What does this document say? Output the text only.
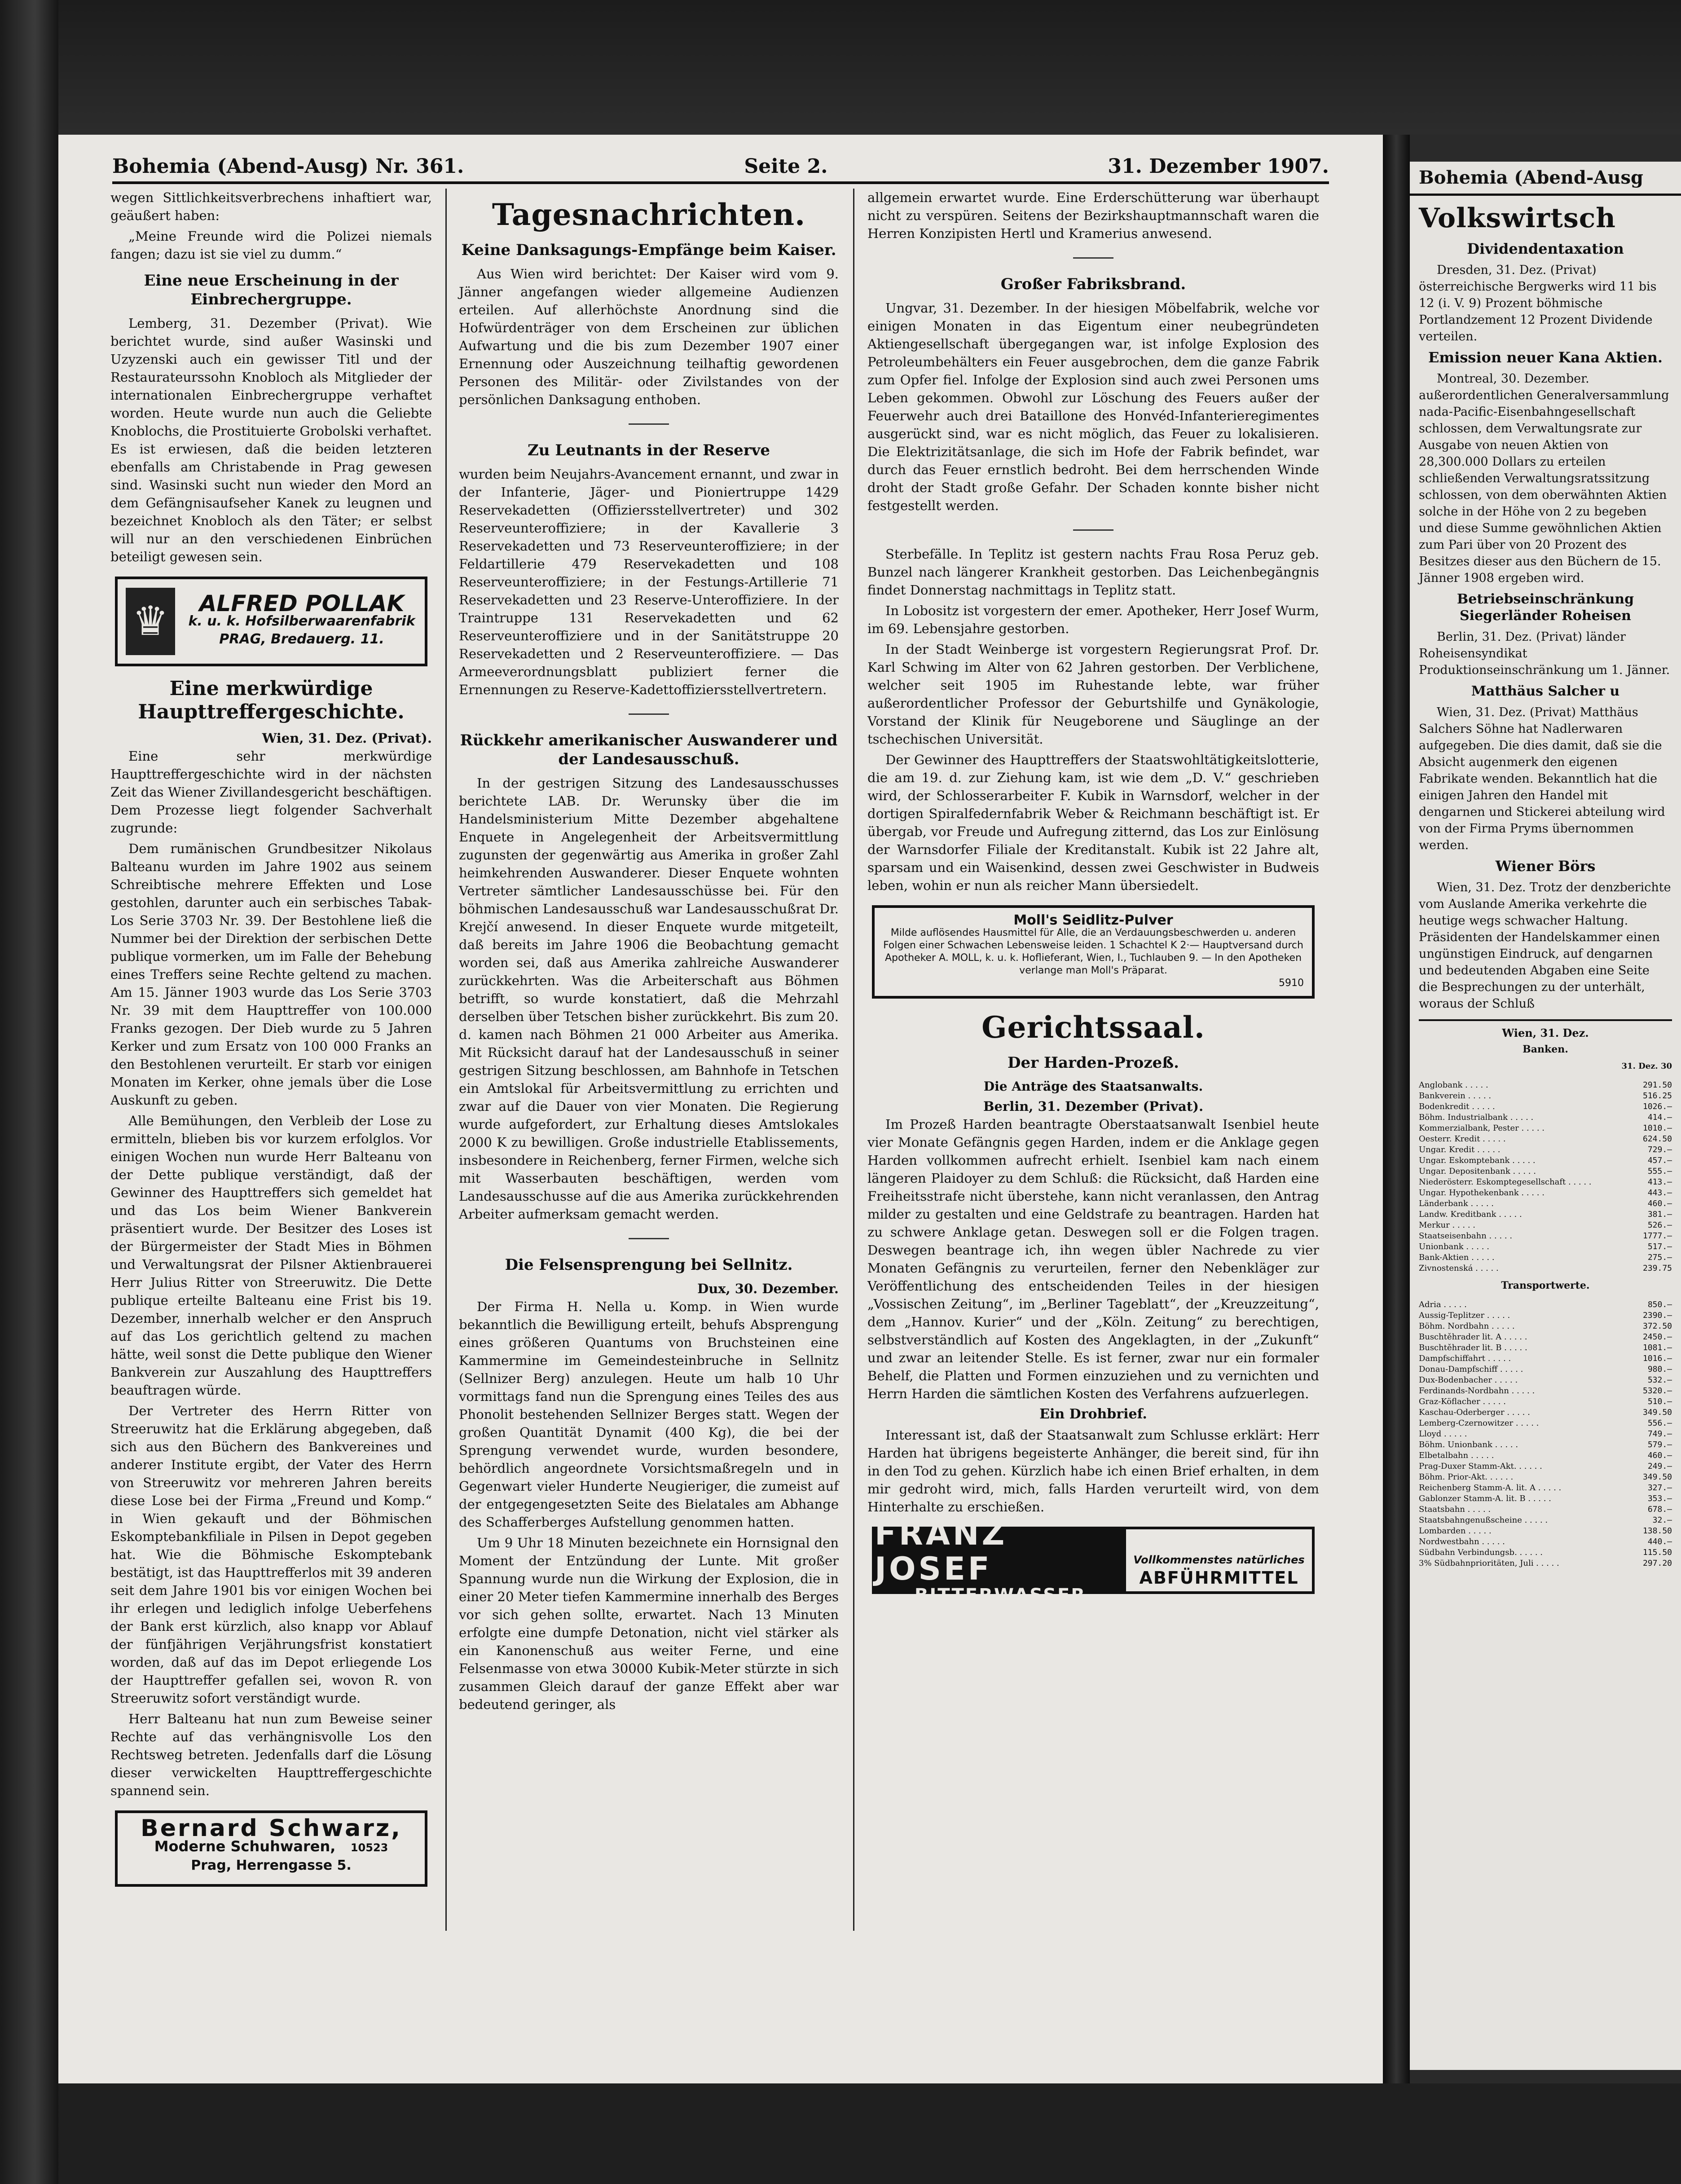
Bohemia (Abend-Ausg) Nr. 361.	Seite 2.	31. Dezember 1907.

wegen Sittlichkeitsverbrechens inhaftiert war, geäußert haben:

„Meine Freunde wird die Polizei niemals fangen; dazu ist sie viel zu dumm.“

Eine neue Erscheinung in der Einbrechergruppe.

Lemberg, 31. Dezember (Privat). Wie berichtet wurde, sind außer Wasinski und Uzyzenski auch ein gewisser Titl und der Restaurateurssohn Knobloch als Mitglieder der internationalen Einbrechergruppe verhaftet worden. Heute wurde nun auch die Geliebte Knoblochs, die Prostituierte Grobolski verhaftet. Es ist erwiesen, daß die beiden letzteren ebenfalls am Christabende in Prag gewesen sind. Wasinski sucht nun wieder den Mord an dem Gefängnisaufseher Kanek zu leugnen und bezeichnet Knobloch als den Täter; er selbst will nur an den verschiedenen Einbrüchen beteiligt gewesen sein.

♛	ALFRED POLLAK
k. u. k. Hofsilberwaarenfabrik
PRAG, Bredauerg. 11.
Eine merkwürdige Haupttreffergeschichte.
Wien, 31. Dez. (Privat).

Eine sehr merkwürdige Haupttreffergeschichte wird in der nächsten Zeit das Wiener Zivillandesgericht beschäftigen. Dem Prozesse liegt folgender Sachverhalt zugrunde:

Dem rumänischen Grundbesitzer Nikolaus Balteanu wurden im Jahre 1902 aus seinem Schreibtische mehrere Effekten und Lose gestohlen, darunter auch ein serbisches Tabak-Los Serie 3703 Nr. 39. Der Bestohlene ließ die Nummer bei der Direktion der serbischen Dette publique vormerken, um im Falle der Behebung eines Treffers seine Rechte geltend zu machen. Am 15. Jänner 1903 wurde das Los Serie 3703 Nr. 39 mit dem Haupttreffer von 100.000 Franks gezogen. Der Dieb wurde zu 5 Jahren Kerker und zum Ersatz von 100 000 Franks an den Bestohlenen verurteilt. Er starb vor einigen Monaten im Kerker, ohne jemals über die Lose Auskunft zu geben.

Alle Bemühungen, den Verbleib der Lose zu ermitteln, blieben bis vor kurzem erfolglos. Vor einigen Wochen nun wurde Herr Balteanu von der Dette publique verständigt, daß der Gewinner des Haupttreffers sich gemeldet hat und das Los beim Wiener Bankverein präsentiert wurde. Der Besitzer des Loses ist der Bürgermeister der Stadt Mies in Böhmen und Verwaltungsrat der Pilsner Aktienbrauerei Herr Julius Ritter von Streeruwitz. Die Dette publique erteilte Balteanu eine Frist bis 19. Dezember, innerhalb welcher er den Anspruch auf das Los gerichtlich geltend zu machen hätte, weil sonst die Dette publique den Wiener Bankverein zur Auszahlung des Haupttreffers beauftragen würde.

Der Vertreter des Herrn Ritter von Streeruwitz hat die Erklärung abgegeben, daß sich aus den Büchern des Bankvereines und anderer Institute ergibt, der Vater des Herrn von Streeruwitz vor mehreren Jahren bereits diese Lose bei der Firma „Freund und Komp.“ in Wien gekauft und der Böhmischen Eskomptebankfiliale in Pilsen in Depot gegeben hat. Wie die Böhmische Eskomptebank bestätigt, ist das Haupttrefferlos mit 39 anderen seit dem Jahre 1901 bis vor einigen Wochen bei ihr erlegen und lediglich infolge Ueberfehens der Bank erst kürzlich, also knapp vor Ablauf der fünfjährigen Verjährungsfrist konstatiert worden, daß auf das im Depot erliegende Los der Haupttreffer gefallen sei, wovon R. von Streeruwitz sofort verständigt wurde.

Herr Balteanu hat nun zum Beweise seiner Rechte auf das verhängnisvolle Los den Rechtsweg betreten. Jedenfalls darf die Lösung dieser verwickelten Haupttreffergeschichte spannend sein.

Bernard Schwarz,
Moderne Schuhwaren, 10523
Prag, Herrengasse 5.
Tagesnachrichten.
Keine Danksagungs-Empfänge beim Kaiser.

Aus Wien wird berichtet: Der Kaiser wird vom 9. Jänner angefangen wieder allgemeine Audienzen erteilen. Auf allerhöchste Anordnung sind die Hofwürdenträger von dem Erscheinen zur üblichen Aufwartung und die bis zum Dezember 1907 einer Ernennung oder Auszeichnung teilhaftig gewordenen Personen des Militär- oder Zivilstandes von der persönlichen Danksagung enthoben.

Zu Leutnants in der Reserve

wurden beim Neujahrs-Avancement ernannt, und zwar in der Infanterie, Jäger- und Pioniertruppe 1429 Reservekadetten (Offiziersstellvertreter) und 302 Reserveunteroffiziere; in der Kavallerie 3 Reservekadetten und 73 Reserveunteroffiziere; in der Feldartillerie 479 Reservekadetten und 108 Reserveunteroffiziere; in der Festungs-Artillerie 71 Reservekadetten und 23 Reserve-Unteroffiziere. In der Traintruppe 131 Reservekadetten und 62 Reserveunteroffiziere und in der Sanitätstruppe 20 Reservekadetten und 2 Reserveunteroffiziere. — Das Armeeverordnungsblatt publiziert ferner die Ernennungen zu Reserve-Kadettoffiziersstellvertretern.

Rückkehr amerikanischer Auswanderer und der Landesausschuß.

In der gestrigen Sitzung des Landesausschusses berichtete LAB. Dr. Werunsky über die im Handelsministerium Mitte Dezember abgehaltene Enquete in Angelegenheit der Arbeitsvermittlung zugunsten der gegenwärtig aus Amerika in großer Zahl heimkehrenden Auswanderer. Dieser Enquete wohnten Vertreter sämtlicher Landesausschüsse bei. Für den böhmischen Landesausschuß war Landesausschußrat Dr. Krejčí anwesend. In dieser Enquete wurde mitgeteilt, daß bereits im Jahre 1906 die Beobachtung gemacht worden sei, daß aus Amerika zahlreiche Auswanderer zurückkehrten. Was die Arbeiterschaft aus Böhmen betrifft, so wurde konstatiert, daß die Mehrzahl derselben über Tetschen bisher zurückkehrt. Bis zum 20. d. kamen nach Böhmen 21 000 Arbeiter aus Amerika. Mit Rücksicht darauf hat der Landesausschuß in seiner gestrigen Sitzung beschlossen, am Bahnhofe in Tetschen ein Amtslokal für Arbeitsvermittlung zu errichten und zwar auf die Dauer von vier Monaten. Die Regierung wurde aufgefordert, zur Erhaltung dieses Amtslokales 2000 K zu bewilligen. Große industrielle Etablissements, insbesondere in Reichenberg, ferner Firmen, welche sich mit Wasserbauten beschäftigen, werden vom Landesausschusse auf die aus Amerika zurückkehrenden Arbeiter aufmerksam gemacht werden.

Die Felsensprengung bei Sellnitz.
Dux, 30. Dezember.

Der Firma H. Nella u. Komp. in Wien wurde bekanntlich die Bewilligung erteilt, behufs Absprengung eines größeren Quantums von Bruchsteinen eine Kammermine im Gemeindesteinbruche in Sellnitz (Sellnizer Berg) anzulegen. Heute um halb 10 Uhr vormittags fand nun die Sprengung eines Teiles des aus Phonolit bestehenden Sellnizer Berges statt. Wegen der großen Quantität Dynamit (400 Kg), die bei der Sprengung verwendet wurde, wurden besondere, behördlich angeordnete Vorsichtsmaßregeln und in Gegenwart vieler Hunderte Neugieriger, die zumeist auf der entgegengesetzten Seite des Bielatales am Abhange des Schafferberges Aufstellung genommen hatten.

Um 9 Uhr 18 Minuten bezeichnete ein Hornsignal den Moment der Entzündung der Lunte. Mit großer Spannung wurde nun die Wirkung der Explosion, die in einer 20 Meter tiefen Kammermine innerhalb des Berges vor sich gehen sollte, erwartet. Nach 13 Minuten erfolgte eine dumpfe Detonation, nicht viel stärker als ein Kanonenschuß aus weiter Ferne, und eine Felsenmasse von etwa 30000 Kubik-Meter stürzte in sich zusammen Gleich darauf der ganze Effekt aber war bedeutend geringer, als

allgemein erwartet wurde. Eine Erderschütterung war überhaupt nicht zu verspüren. Seitens der Bezirkshauptmannschaft waren die Herren Konzipisten Hertl und Kramerius anwesend.

Großer Fabriksbrand.

Ungvar, 31. Dezember. In der hiesigen Möbelfabrik, welche vor einigen Monaten in das Eigentum einer neubegründeten Aktiengesellschaft übergegangen war, ist infolge Explosion des Petroleumbehälters ein Feuer ausgebrochen, dem die ganze Fabrik zum Opfer fiel. Infolge der Explosion sind auch zwei Personen ums Leben gekommen. Obwohl zur Löschung des Feuers außer der Feuerwehr auch drei Bataillone des Honvéd-Infanterieregimentes ausgerückt sind, war es nicht möglich, das Feuer zu lokalisieren. Die Elektrizitätsanlage, die sich im Hofe der Fabrik befindet, war durch das Feuer ernstlich bedroht. Bei dem herrschenden Winde droht der Stadt große Gefahr. Der Schaden konnte bisher nicht festgestellt werden.

Sterbefälle. In Teplitz ist gestern nachts Frau Rosa Peruz geb. Bunzel nach längerer Krankheit gestorben. Das Leichenbegängnis findet Donnerstag nachmittags in Teplitz statt.

In Lobositz ist vorgestern der emer. Apotheker, Herr Josef Wurm, im 69. Lebensjahre gestorben.

In der Stadt Weinberge ist vorgestern Regierungsrat Prof. Dr. Karl Schwing im Alter von 62 Jahren gestorben. Der Verblichene, welcher seit 1905 im Ruhestande lebte, war früher außerordentlicher Professor der Geburtshilfe und Gynäkologie, Vorstand der Klinik für Neugeborene und Säuglinge an der tschechischen Universität.

Der Gewinner des Haupttreffers der Staatswohltätigkeitslotterie, die am 19. d. zur Ziehung kam, ist wie dem „D. V.“ geschrieben wird, der Schlosserarbeiter F. Kubik in Warnsdorf, welcher in der dortigen Spiralfedernfabrik Weber & Reichmann beschäftigt ist. Er übergab, vor Freude und Aufregung zitternd, das Los zur Einlösung der Warnsdorfer Filiale der Kreditanstalt. Kubik ist 22 Jahre alt, sparsam und ein Waisenkind, dessen zwei Geschwister in Budweis leben, wohin er nun als reicher Mann übersiedelt.

Moll's Seidlitz-Pulver
Milde auflösendes Hausmittel für Alle, die an Verdauungsbeschwerden u. anderen Folgen einer Schwachen Lebensweise leiden. 1 Schachtel K 2·— Hauptversand durch Apotheker A. MOLL, k. u. k. Hoflieferant, Wien, I., Tuchlauben 9. — In den Apotheken verlange man Moll's Präparat.
5910
Gerichtssaal.
Der Harden-Prozeß.
Die Anträge des Staatsanwalts.
Berlin, 31. Dezember (Privat).

Im Prozeß Harden beantragte Oberstaatsanwalt Isenbiel heute vier Monate Gefängnis gegen Harden, indem er die Anklage gegen Harden vollkommen aufrecht erhielt. Isenbiel kam nach einem längeren Plaidoyer zu dem Schluß: die Rücksicht, daß Harden eine Freiheitsstrafe nicht überstehe, kann nicht veranlassen, den Antrag milder zu gestalten und eine Geldstrafe zu beantragen. Harden hat zu schwere Anklage getan. Deswegen soll er die Folgen tragen. Deswegen beantrage ich, ihn wegen übler Nachrede zu vier Monaten Gefängnis zu verurteilen, ferner den Nebenkläger zur Veröffentlichung des entscheidenden Teiles in der hiesigen „Vossischen Zeitung“, im „Berliner Tageblatt“, der „Kreuzzeitung“, dem „Hannov. Kurier“ und der „Köln. Zeitung“ zu berechtigen, selbstverständlich auf Kosten des Angeklagten, in der „Zukunft“ und zwar an leitender Stelle. Es ist ferner, zwar nur ein formaler Behelf, die Platten und Formen einzuziehen und zu vernichten und Herrn Harden die sämtlichen Kosten des Verfahrens aufzuerlegen.

Ein Drohbrief.

Interessant ist, daß der Staatsanwalt zum Schlusse erklärt: Herr Harden hat übrigens begeisterte Anhänger, die bereit sind, für ihn in den Tod zu gehen. Kürzlich habe ich einen Brief erhalten, in dem mir gedroht wird, mich, falls Harden verurteilt wird, von dem Hinterhalte zu erschießen.

FRANZ JOSEF
BITTERWASSER
Vollkommenstes natürliches
ABFÜHRMITTEL
Bohemia (Abend-Ausg
Volkswirtsch
Dividendentaxation

Dresden, 31. Dez. (Privat) österreichische Bergwerks wird 11 bis 12 (i. V. 9) Prozent böhmische Portlandzement 12 Prozent Dividende verteilen.

Emission neuer Kana Aktien.

Montreal, 30. Dezember. außerordentlichen Generalversammlung nada-Pacific-Eisenbahngesellschaft schlossen, dem Verwaltungsrate zur Ausgabe von neuen Aktien von 28,300.000 Dollars zu erteilen schließenden Verwaltungsratssitzung schlossen, von dem oberwähnten Aktien solche in der Höhe von 2 zu begeben und diese Summe gewöhnlichen Aktien zum Pari über von 20 Prozent des Besitzes dieser aus den Büchern de 15. Jänner 1908 ergeben wird.

Betriebseinschränkung Siegerländer Roheisen

Berlin, 31. Dez. (Privat) länder Roheisensyndikat Produktionseinschränkung um 1. Jänner.

Matthäus Salcher u

Wien, 31. Dez. (Privat) Matthäus Salchers Söhne hat Nadlerwaren aufgegeben. Die dies damit, daß sie die Absicht augenmerk den eigenen Fabrikate wenden. Bekanntlich hat die einigen Jahren den Handel mit dengarnen und Stickerei abteilung wird von der Firma Pryms übernommen werden.

Wiener Börs

Wien, 31. Dez. Trotz der denzberichte vom Auslande Amerika verkehrte die heutige wegs schwacher Haltung. Präsidenten der Handelskammer einen ungünstigen Eindruck, auf dengarnen und bedeutenden Abgaben eine Seite die Besprechungen zu der unterhält, woraus der Schluß

Wien, 31. Dez.
Banken.
31. Dez. 30
Anglobank . . . . .	291.50
Bankverein . . . . .	516.25
Bodenkredit . . . . .	1026.—
Böhm. Industrialbank . . . . .	414.—
Kommerzialbank, Pester . . . . .	1010.—
Oesterr. Kredit . . . . .	624.50
Ungar. Kredit . . . . .	729.—
Ungar. Eskomptebank . . . . .	457.—
Ungar. Depositenbank . . . . .	555.—
Niederösterr. Eskomptegesellschaft . . . . .	413.—
Ungar. Hypothekenbank . . . . .	443.—
Länderbank . . . . .	460.—
Landw. Kreditbank . . . . .	381.—
Merkur . . . . .	526.—
Staatseisenbahn . . . . .	1777.—
Unionbank . . . . .	517.—
Bank-Aktien . . . . .	275.—
Zivnostenská . . . . .	239.75
Transportwerte.
Adria . . . . .	850.—
Aussig-Teplitzer . . . . .	2390.—
Böhm. Nordbahn . . . . .	372.50
Buschtěhrader lit. A . . . . .	2450.—
Buschtěhrader lit. B . . . . .	1081.—
Dampfschiffahrt . . . . .	1016.—
Donau-Dampfschiff . . . . .	980.—
Dux-Bodenbacher . . . . .	532.—
Ferdinands-Nordbahn . . . . .	5320.—
Graz-Köflacher . . . . .	510.—
Kaschau-Oderberger . . . . .	349.50
Lemberg-Czernowitzer . . . . .	556.—
Lloyd . . . . .	749.—
Böhm. Unionbank . . . . .	579.—
Elbetalbahn . . . . .	460.—
Prag-Duxer Stamm-Akt. . . . . .	249.—
Böhm. Prior-Akt. . . . . .	349.50
Reichenberg Stamm-A. lit. A . . . . .	327.—
Gablonzer Stamm-A. lit. B . . . . .	353.—
Staatsbahn . . . . .	678.—
Staatsbahngenußscheine . . . . .	32.—
Lombarden . . . . .	138.50
Nordwestbahn . . . . .	440.—
Südbahn Verbindungsb. . . . . .	115.50
3% Südbahnprioritäten, Juli . . . . .	297.20
